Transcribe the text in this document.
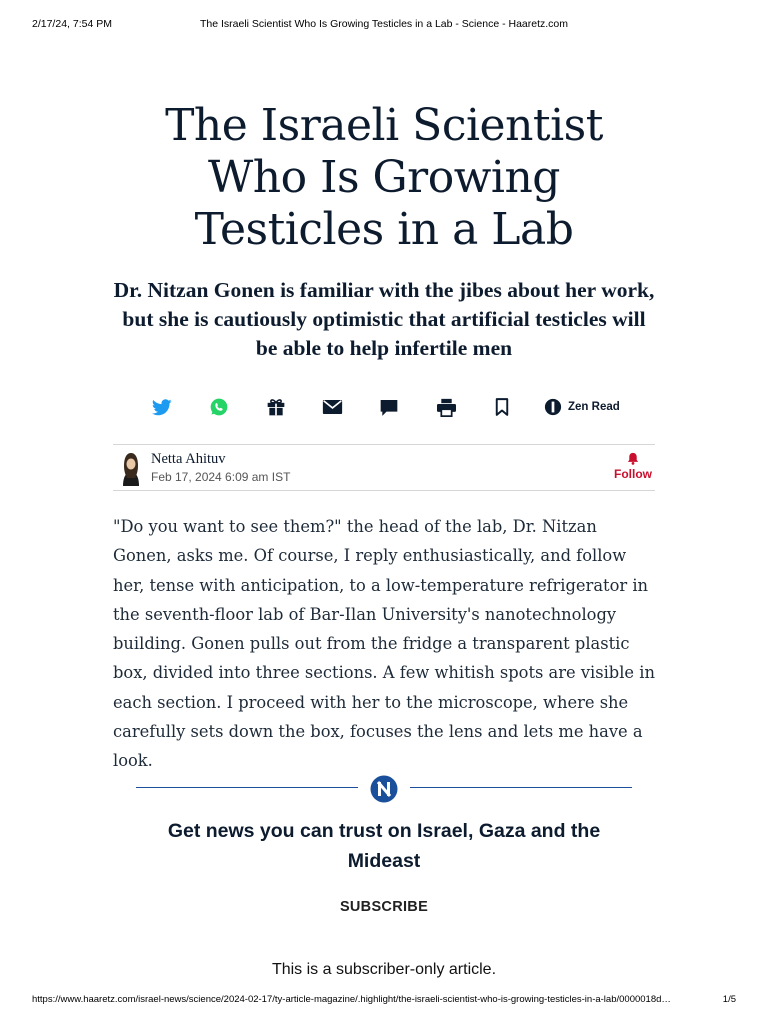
2/17/24, 7:54 PM	The Israeli Scientist Who Is Growing Testicles in a Lab - Science - Haaretz.com
The Israeli Scientist Who Is Growing Testicles in a Lab

Dr. Nitzan Gonen is familiar with the jibes about her work, but she is cautiously optimistic that artificial testicles will be able to help infertile men

Zen Read
Netta Ahituv
Feb 17, 2024 6:09 am IST	Follow

"Do you want to see them?" the head of the lab, Dr. Nitzan Gonen, asks me. Of course, I reply enthusiastically, and follow her, tense with anticipation, to a low-temperature refrigerator in the seventh-floor lab of Bar-Ilan University's nanotechnology building. Gonen pulls out from the fridge a transparent plastic box, divided into three sections. A few whitish spots are visible in each section. I proceed with her to the microscope, where she carefully sets down the box, focuses the lens and lets me have a look.

Get news you can trust on Israel, Gaza and the Mideast

SUBSCRIBE
This is a subscriber-only article.
https://www.haaretz.com/israel-news/science/2024-02-17/ty-article-magazine/.highlight/the-israeli-scientist-who-is-growing-testicles-in-a-lab/0000018d…	1/5
